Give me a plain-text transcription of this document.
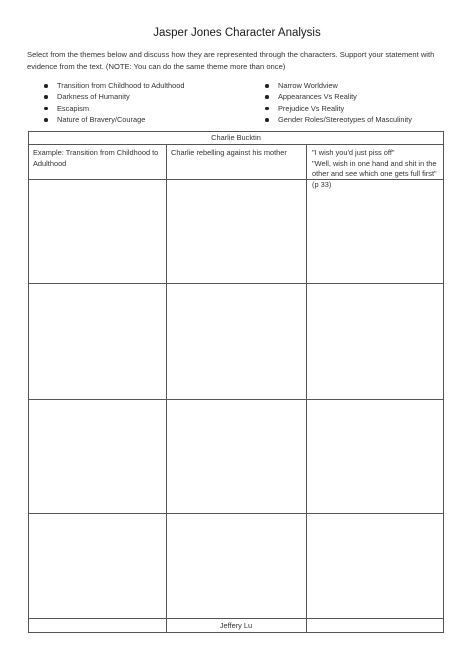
Jasper Jones Character Analysis
Select from the themes below and discuss how they are represented through the characters. Support your statement with evidence from the text. (NOTE: You can do the same theme more than once)
Transition from Childhood to Adulthood
Darkness of Humanity
Escapism
Nature of Bravery/Courage
Narrow Worldview
Appearances Vs Reality
Prejudice Vs Reality
Gender Roles/Stereotypes of Masculinity
Charlie Bucktin
Example: Transition from Childhood to Adulthood
Charlie rebelling against his mother	"I wish you'd just piss off"
"Well, wish in one hand and shit in the other and see which one gets full first" (p 33)
Jeffery Lu
